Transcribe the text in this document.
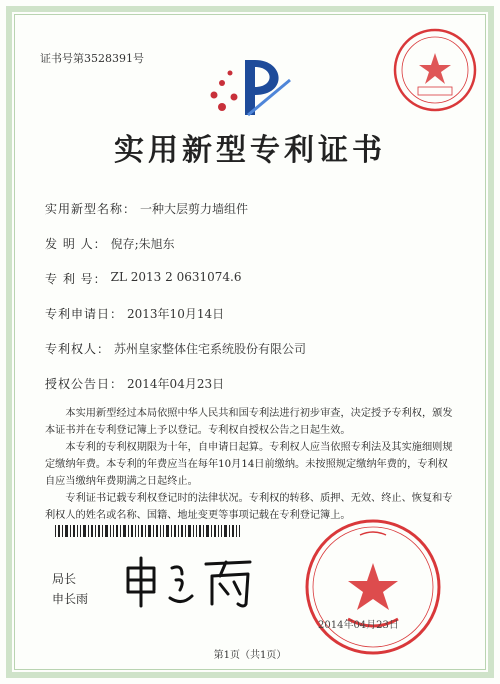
证书号第3528391号
实用新型专利证书
实用新型名称： 一种大层剪力墙组件
发 明 人： 倪存;朱旭东
专 利 号： ZL 2013 2 0631074.6
专利申请日： 2013年10月14日
专利权人： 苏州皇家整体住宅系统股份有限公司
授权公告日： 2014年04月23日

本实用新型经过本局依照中华人民共和国专利法进行初步审查，决定授予专利权，颁发本证书并在专利登记簿上予以登记。专利权自授权公告之日起生效。

本专利的专利权期限为十年，自申请日起算。专利权人应当依照专利法及其实施细则规定缴纳年费。本专利的年费应当在每年10月14日前缴纳。未按照规定缴纳年费的，专利权自应当缴纳年费期满之日起终止。

专利证书记载专利权登记时的法律状况。专利权的转移、质押、无效、终止、恢复和专利权人的姓名或名称、国籍、地址变更等事项记载在专利登记簿上。

局长
申长雨
2014年04月23日
第1页（共1页）
